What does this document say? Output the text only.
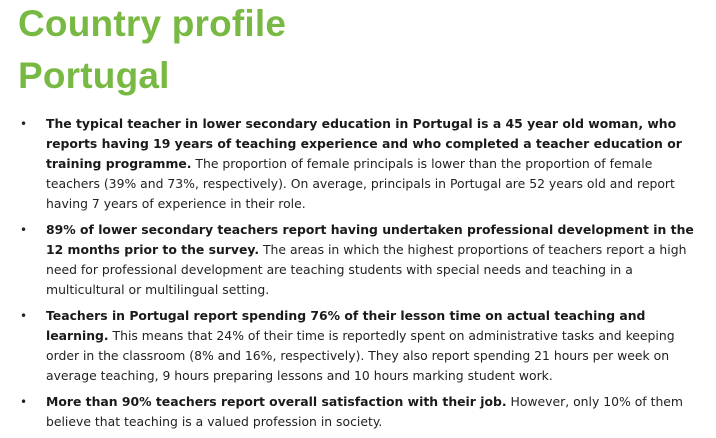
Country profile
Portugal
• The typical teacher in lower secondary education in Portugal is a 45 year old woman, who reports having 19 years of teaching experience and who completed a teacher education or training programme. The proportion of female principals is lower than the proportion of female teachers (39% and 73%, respectively). On average, principals in Portugal are 52 years old and report having 7 years of experience in their role.
• 89% of lower secondary teachers report having undertaken professional development in the 12 months prior to the survey. The areas in which the highest proportions of teachers report a high need for professional development are teaching students with special needs and teaching in a multicultural or multilingual setting.
• Teachers in Portugal report spending 76% of their lesson time on actual teaching and learning. This means that 24% of their time is reportedly spent on administrative tasks and keeping order in the classroom (8% and 16%, respectively). They also report spending 21 hours per week on average teaching, 9 hours preparing lessons and 10 hours marking student work.
• More than 90% teachers report overall satisfaction with their job. However, only 10% of them believe that teaching is a valued profession in society.
